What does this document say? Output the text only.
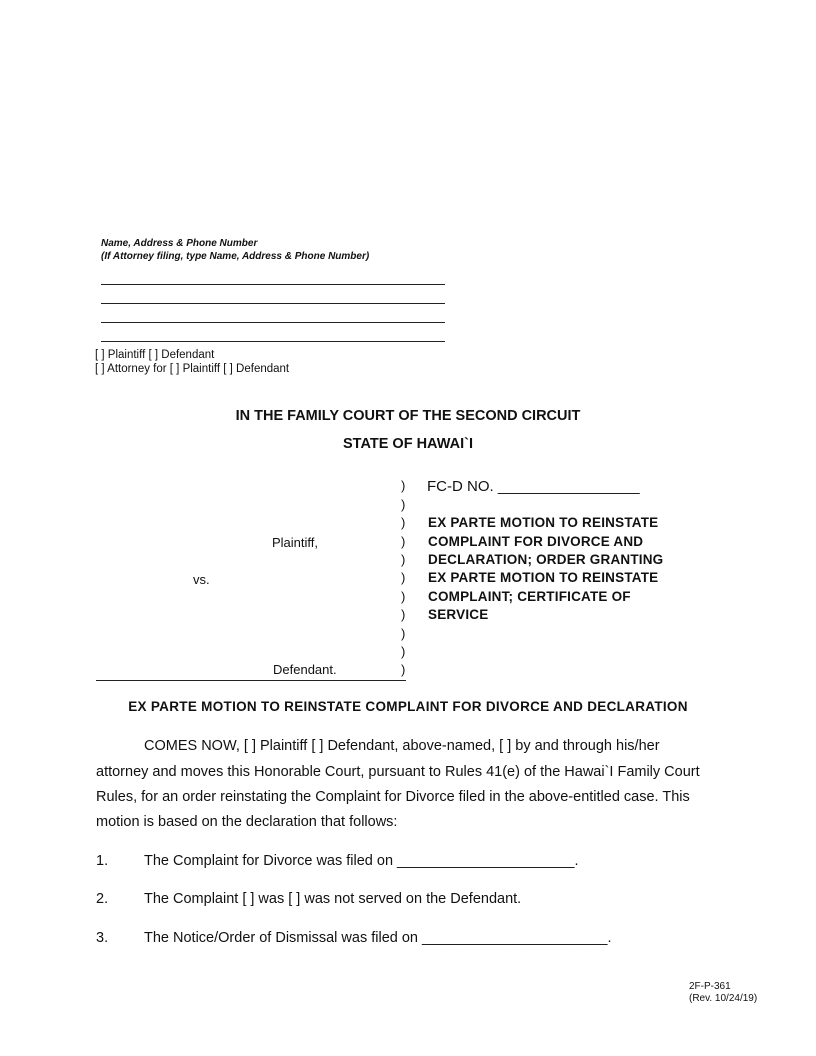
Name, Address & Phone Number
(If Attorney filing, type Name, Address & Phone Number)
[ ] Plaintiff [ ] Defendant
[ ] Attorney for [ ] Plaintiff [ ] Defendant
IN THE FAMILY COURT OF THE SECOND CIRCUIT
STATE OF HAWAI`I
)
)
)
)
)
)
)
)
)
)
)
Plaintiff,
vs.
Defendant.
FC-D NO. _________________
EX PARTE MOTION TO REINSTATE
COMPLAINT FOR DIVORCE AND
DECLARATION; ORDER GRANTING
EX PARTE MOTION TO REINSTATE
COMPLAINT; CERTIFICATE OF
SERVICE
EX PARTE MOTION TO REINSTATE COMPLAINT FOR DIVORCE AND DECLARATION
COMES NOW, [ ] Plaintiff [ ] Defendant, above-named, [ ] by and through his/her
attorney and moves this Honorable Court, pursuant to Rules 41(e) of the Hawai`I Family Court
Rules, for an order reinstating the Complaint for Divorce filed in the above-entitled case. This
motion is based on the declaration that follows:
1. The Complaint for Divorce was filed on ______________________.
2. The Complaint [ ] was [ ] was not served on the Defendant.
3. The Notice/Order of Dismissal was filed on _______________________.
2F-P-361
(Rev. 10/24/19)
